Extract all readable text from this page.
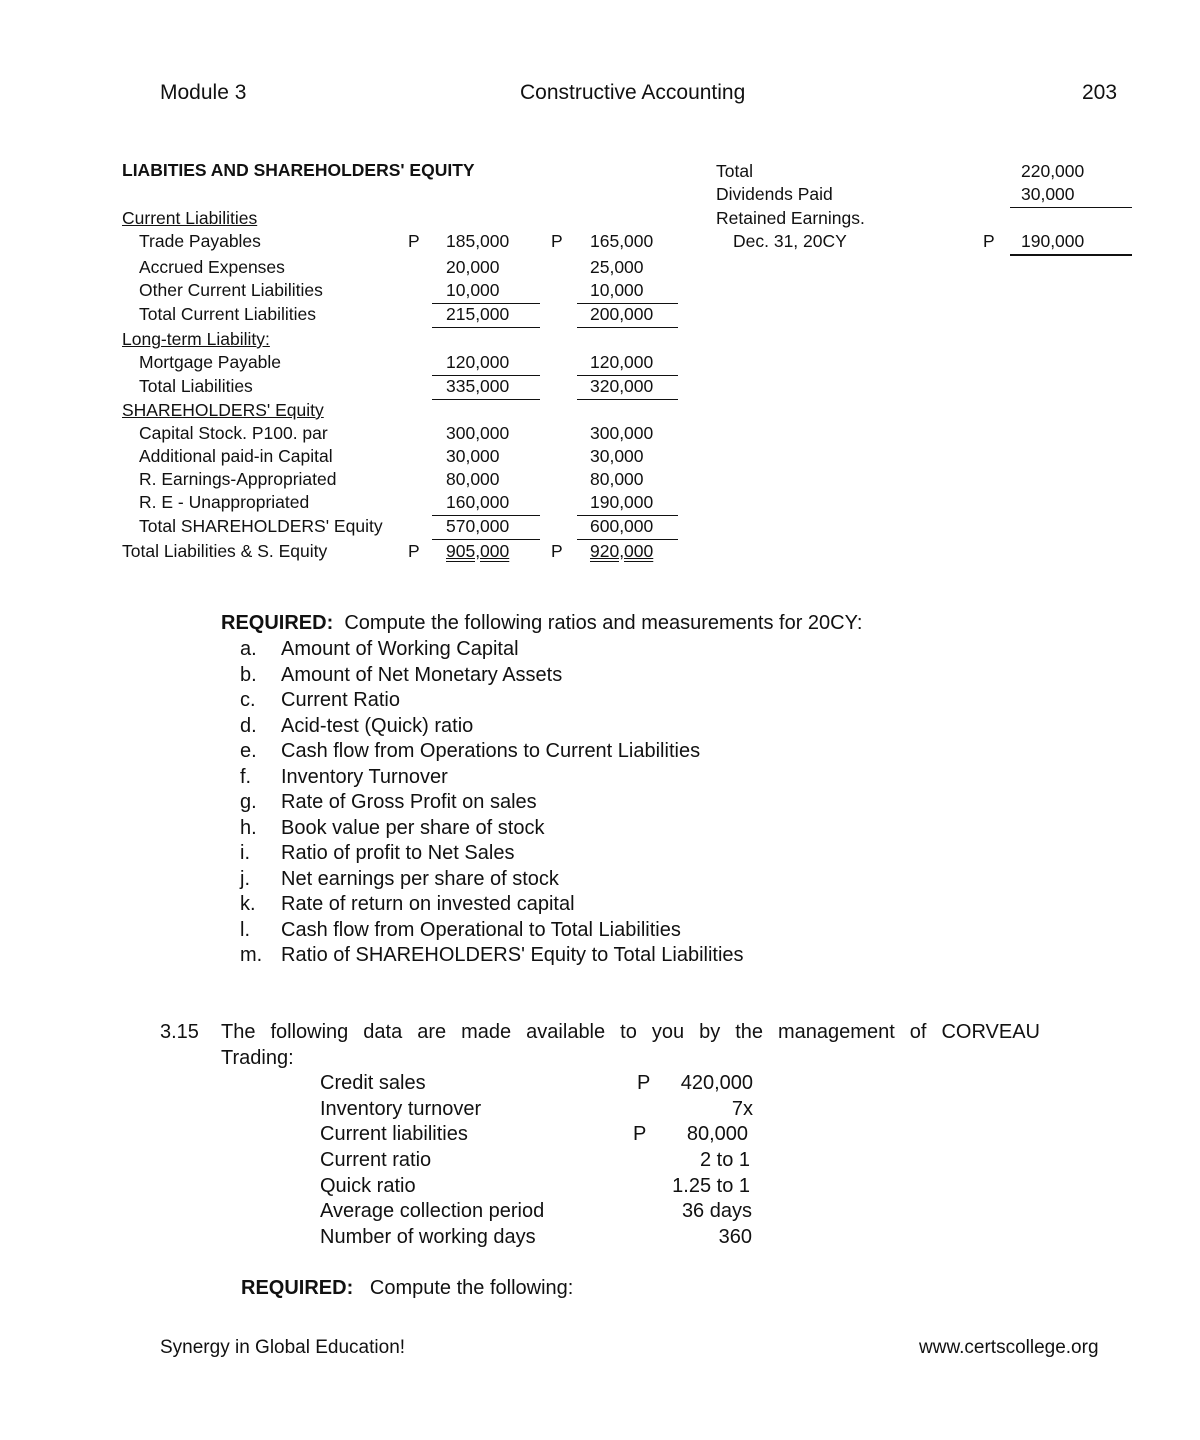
Module 3	Constructive Accounting	203
LIABITIES AND SHAREHOLDERS' EQUITY
Current Liabilities
Trade Payables	P 185,000 P 165,000
Accrued Expenses	20,000	25,000
Other Current Liabilities	10,000	10,000
Total Current Liabilities	215,000	200,000
Long-term Liability:
Mortgage Payable	120,000	120,000
Total Liabilities	335,000	320,000
SHAREHOLDERS' Equity
Capital Stock. P100. par	300,000	300,000
Additional paid-in Capital	30,000	30,000
R. Earnings-Appropriated	80,000	80,000
R. E - Unappropriated	160,000	190,000
Total SHAREHOLDERS' Equity	570,000	600,000
Total Liabilities & S. Equity	P 905,000 P 920,000
Total	220,000
Dividends Paid	30,000
Retained Earnings.
Dec. 31, 20CY	P	190,000
REQUIRED: Compute the following ratios and measurements for 20CY:
a.	Amount of Working Capital
b.	Amount of Net Monetary Assets
c.	Current Ratio
d.	Acid-test (Quick) ratio
e.	Cash flow from Operations to Current Liabilities
f.	Inventory Turnover
g.	Rate of Gross Profit on sales
h.	Book value per share of stock
i.	Ratio of profit to Net Sales
j.	Net earnings per share of stock
k.	Rate of return on invested capital
l.	Cash flow from Operational to Total Liabilities
m. Ratio of SHAREHOLDERS' Equity to Total Liabilities
3.15 The following data are made available to you by the management of CORVEAU
Trading:
Credit sales	P	420,000
Inventory turnover	7x
Current liabilities	P	80,000
Current ratio	2 to 1
Quick ratio	1.25 to 1
Average collection period	36 days
Number of working days	360
REQUIRED: Compute the following:
Synergy in Global Education!	www.certscollege.org
